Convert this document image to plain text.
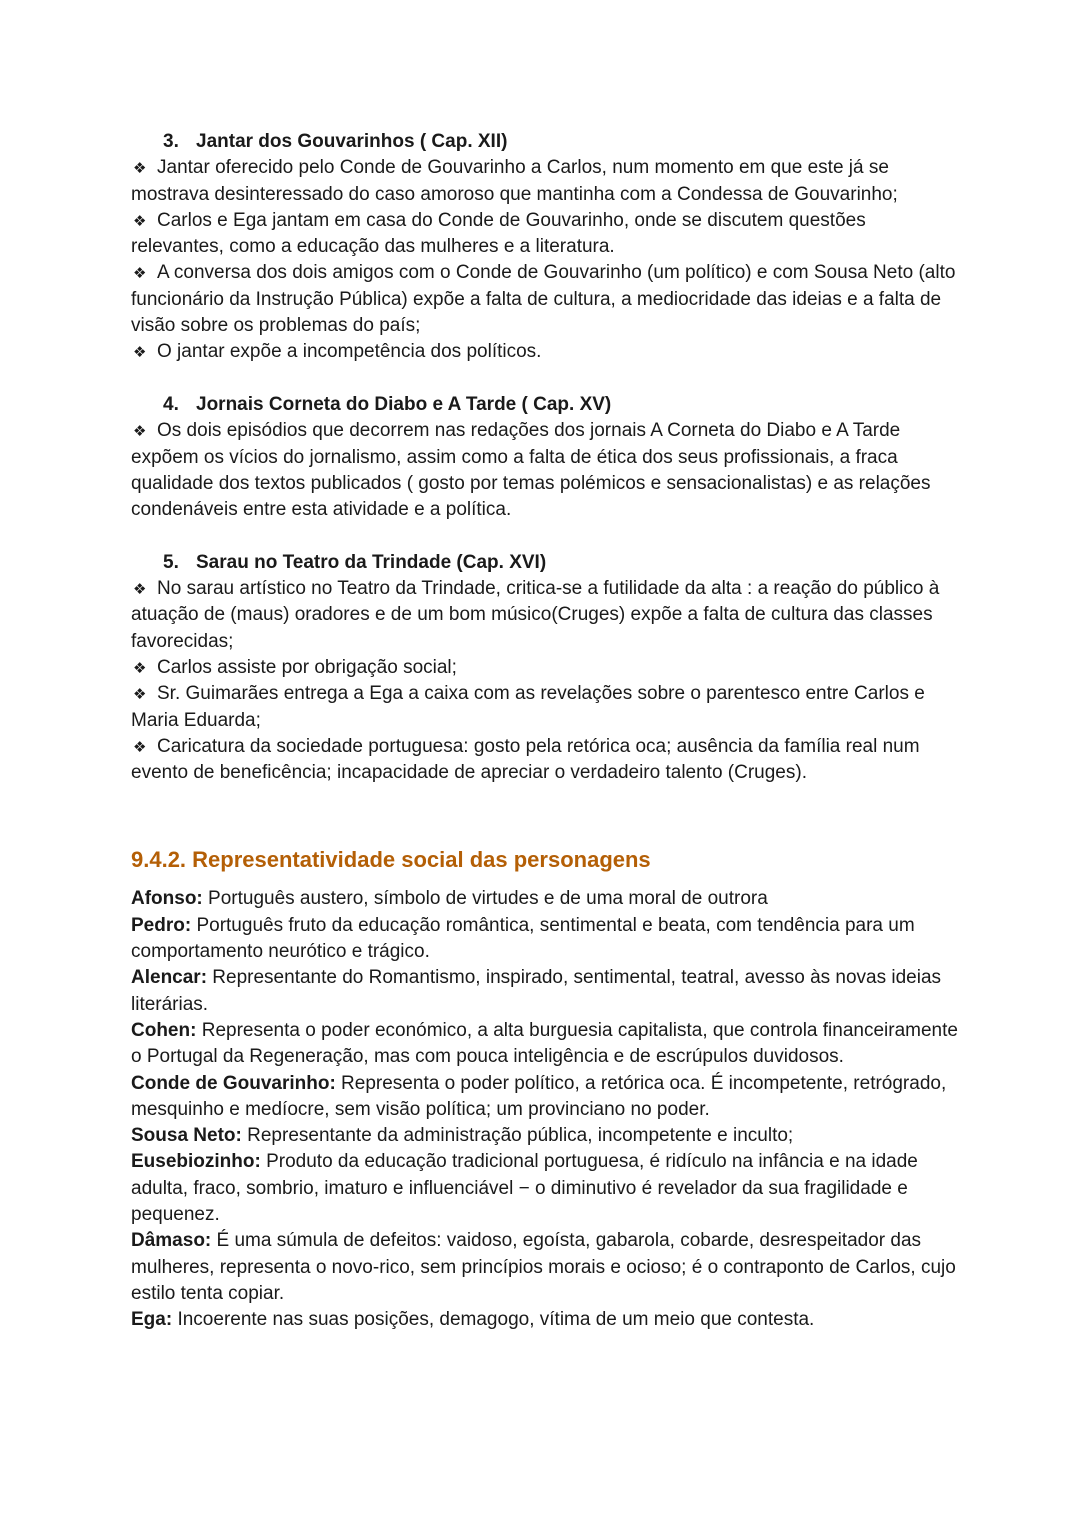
3. Jantar dos Gouvarinhos ( Cap. XII)

❖ Jantar oferecido pelo Conde de Gouvarinho a Carlos, num momento em que este já se mostrava desinteressado do caso amoroso que mantinha com a Condessa de Gouvarinho;

❖ Carlos e Ega jantam em casa do Conde de Gouvarinho, onde se discutem questões relevantes, como a educação das mulheres e a literatura.

❖ A conversa dos dois amigos com o Conde de Gouvarinho (um político) e com Sousa Neto (alto funcionário da Instrução Pública) expõe a falta de cultura, a mediocridade das ideias e a falta de visão sobre os problemas do país;

❖ O jantar expõe a incompetência dos políticos.

4. Jornais Corneta do Diabo e A Tarde ( Cap. XV)

❖ Os dois episódios que decorrem nas redações dos jornais A Corneta do Diabo e A Tarde expõem os vícios do jornalismo, assim como a falta de ética dos seus profissionais, a fraca qualidade dos textos publicados ( gosto por temas polémicos e sensacionalistas) e as relações condenáveis entre esta atividade e a política.

5. Sarau no Teatro da Trindade (Cap. XVI)

❖ No sarau artístico no Teatro da Trindade, critica-se a futilidade da alta : a reação do público à atuação de (maus) oradores e de um bom músico(Cruges) expõe a falta de cultura das classes favorecidas;

❖ Carlos assiste por obrigação social;

❖ Sr. Guimarães entrega a Ega a caixa com as revelações sobre o parentesco entre Carlos e Maria Eduarda;

❖ Caricatura da sociedade portuguesa: gosto pela retórica oca; ausência da família real num evento de beneficência; incapacidade de apreciar o verdadeiro talento (Cruges).

9.4.2. Representatividade social das personagens

Afonso: Português austero, símbolo de virtudes e de uma moral de outrora

Pedro: Português fruto da educação romântica, sentimental e beata, com tendência para um comportamento neurótico e trágico.

Alencar: Representante do Romantismo, inspirado, sentimental, teatral, avesso às novas ideias literárias.

Cohen: Representa o poder económico, a alta burguesia capitalista, que controla financeiramente o Portugal da Regeneração, mas com pouca inteligência e de escrúpulos duvidosos.

Conde de Gouvarinho: Representa o poder político, a retórica oca. É incompetente, retrógrado, mesquinho e medíocre, sem visão política; um provinciano no poder.

Sousa Neto: Representante da administração pública, incompetente e inculto;

Eusebiozinho: Produto da educação tradicional portuguesa, é ridículo na infância e na idade adulta, fraco, sombrio, imaturo e influenciável − o diminutivo é revelador da sua fragilidade e pequenez.

Dâmaso: É uma súmula de defeitos: vaidoso, egoísta, gabarola, cobarde, desrespeitador das mulheres, representa o novo-rico, sem princípios morais e ocioso; é o contraponto de Carlos, cujo estilo tenta copiar.

Ega: Incoerente nas suas posições, demagogo, vítima de um meio que contesta.
